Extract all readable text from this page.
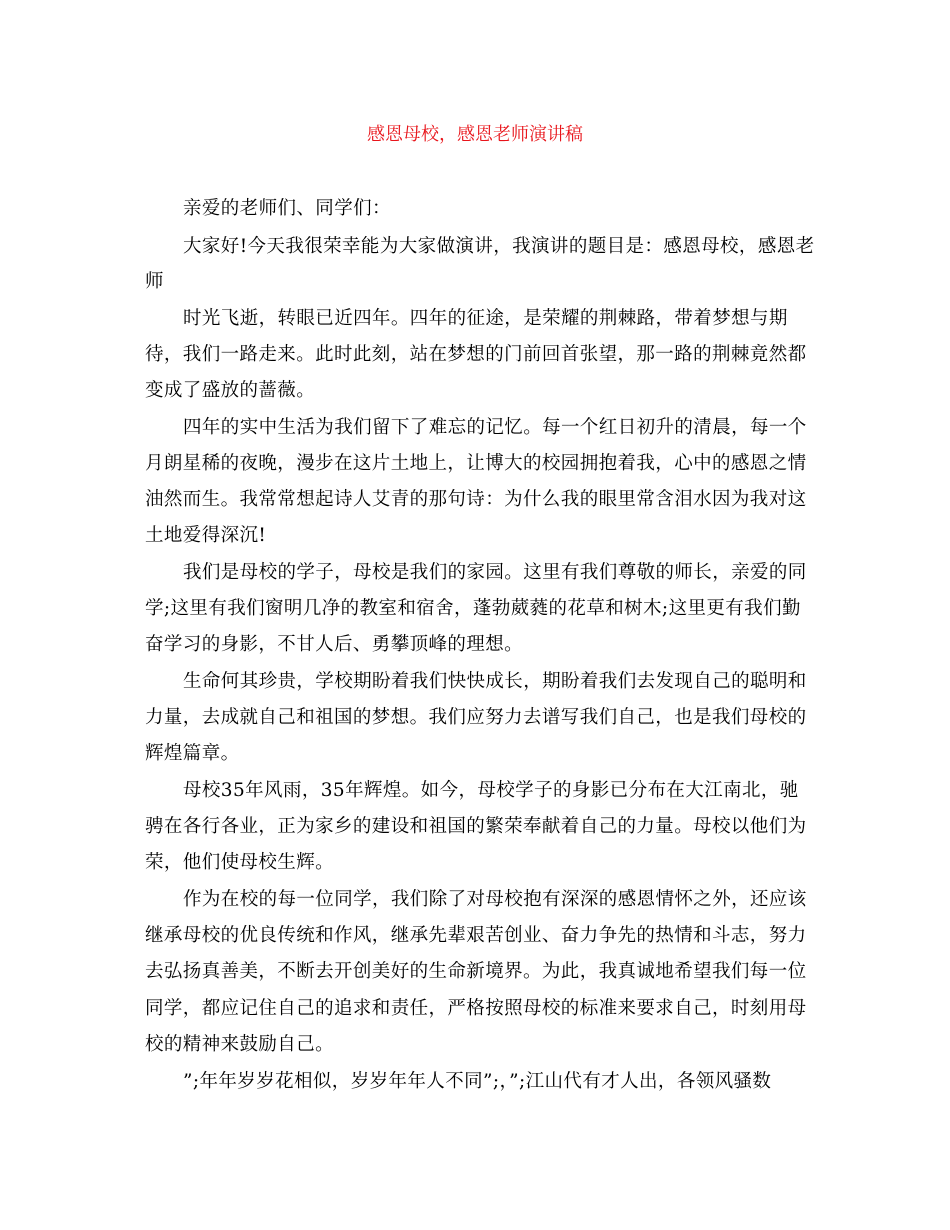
感恩母校，感恩老师演讲稿
亲爱的老师们、同学们：
大家好!今天我很荣幸能为大家做演讲，我演讲的题目是：感恩母校，感恩老
师
时光飞逝，转眼已近四年。四年的征途，是荣耀的荆棘路，带着梦想与期
待，我们一路走来。此时此刻，站在梦想的门前回首张望，那一路的荆棘竟然都
变成了盛放的蔷薇。
四年的实中生活为我们留下了难忘的记忆。每一个红日初升的清晨，每一个
月朗星稀的夜晚，漫步在这片土地上，让博大的校园拥抱着我，心中的感恩之情
油然而生。我常常想起诗人艾青的那句诗：为什么我的眼里常含泪水因为我对这
土地爱得深沉!
我们是母校的学子，母校是我们的家园。这里有我们尊敬的师长，亲爱的同
学;这里有我们窗明几净的教室和宿舍，蓬勃葳蕤的花草和树木;这里更有我们勤
奋学习的身影，不甘人后、勇攀顶峰的理想。
生命何其珍贵，学校期盼着我们快快成长，期盼着我们去发现自己的聪明和
力量，去成就自己和祖国的梦想。我们应努力去谱写我们自己，也是我们母校的
辉煌篇章。
母校35年风雨，35年辉煌。如今，母校学子的身影已分布在大江南北，驰
骋在各行各业，正为家乡的建设和祖国的繁荣奉献着自己的力量。母校以他们为
荣，他们使母校生辉。
作为在校的每一位同学，我们除了对母校抱有深深的感恩情怀之外，还应该
继承母校的优良传统和作风，继承先辈艰苦创业、奋力争先的热情和斗志，努力
去弘扬真善美，不断去开创美好的生命新境界。为此，我真诚地希望我们每一位
同学，都应记住自己的追求和责任，严格按照母校的标准来要求自己，时刻用母
校的精神来鼓励自己。
”;年年岁岁花相似，岁岁年年人不同”;，”;江山代有才人出，各领风骚数
